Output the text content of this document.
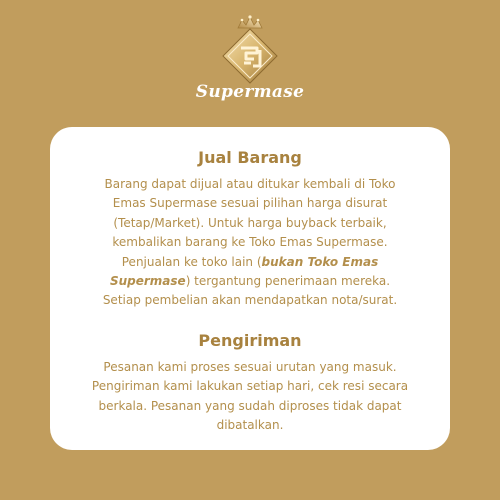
Supermase
Jual Barang

Barang dapat dijual atau ditukar kembali di Toko
Emas Supermase sesuai pilihan harga disurat
(Tetap/Market). Untuk harga buyback terbaik,
kembalikan barang ke Toko Emas Supermase.
Penjualan ke toko lain (bukan Toko Emas
Supermase) tergantung penerimaan mereka.
Setiap pembelian akan mendapatkan nota/surat.

Pengiriman

Pesanan kami proses sesuai urutan yang masuk.
Pengiriman kami lakukan setiap hari, cek resi secara
berkala. Pesanan yang sudah diproses tidak dapat
dibatalkan.
